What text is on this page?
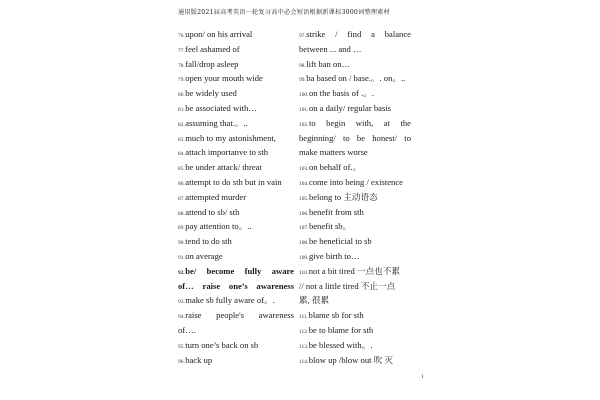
通用版2021届高考英语一轮复习高中必会短语根据新课标3000词整理素材
76.upon/ on his arrival
77.feel ashamed of
78.fall/drop asleep
79.open your mouth wide
80.be widely used
81.be associated with…
82.assuming that.。..
83.much to my astonishment,
84.attach importanve to sth
85.be under attack/ threat
86.attempt to do sth but in vain
87.attempted murder
88.attend to sb/ sth
89.pay attention to。..
90.tend to do sth
91.on average
92.be/ become fully aware
of… raise one’s awareness
93.make sb fully aware of。.
94.raise people's awareness
of….
95.turn one’s back on sb
96.back up
97.strike / find a balance
between ... and …
98.lift ban on…
99.ba based on / base.。. on。..
100.on the basis of .。.
101.on a daily/ regular basis
102.to begin with, at the
beginning/ to be honest/ to
make matters worse
103.on behalf of.。
104.come into being / existence
105.belong to 主动语态
106.benefit from sth
107.benefit sb。
108.be beneficial to sb
109.give birth to…
110.not a bit tired 一点也不累
// not a little tired 不止一点
累, 很累
111.blame sb for sth
112.be to blame for sth
113.be blessed with。.
114.blow up /blow out 吹 灭
1
